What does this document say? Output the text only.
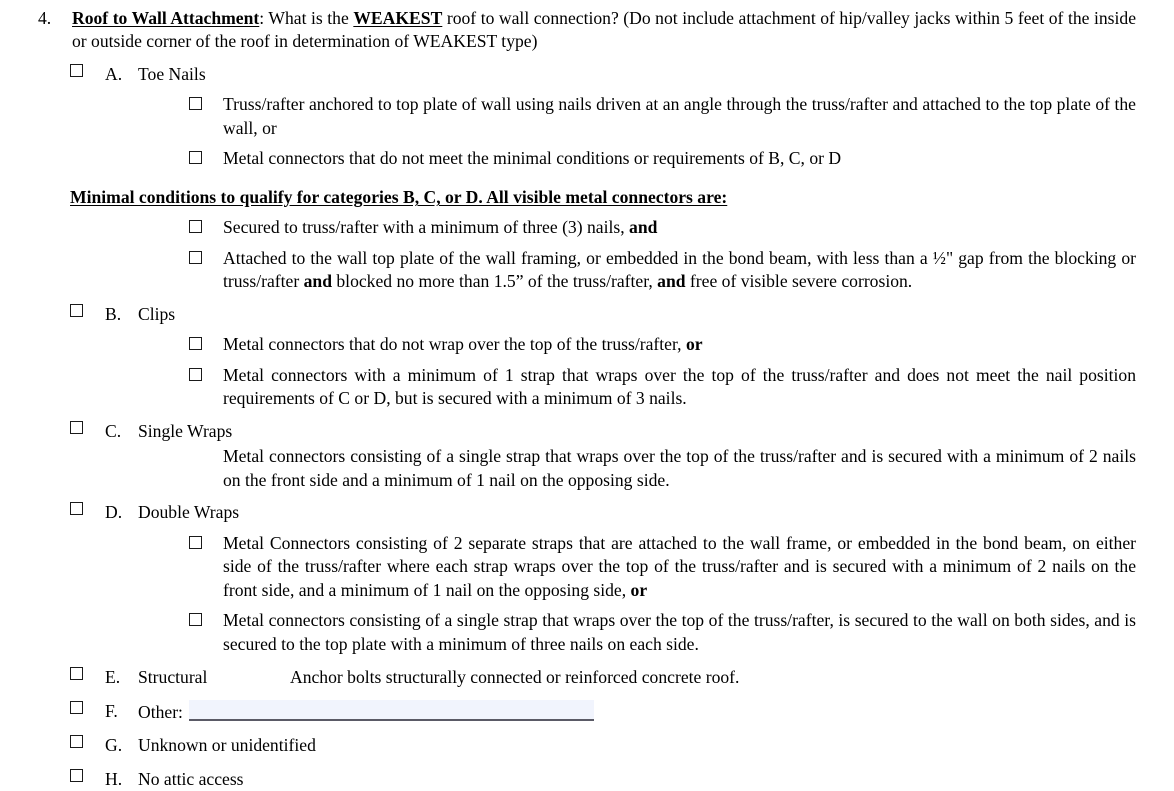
4. Roof to Wall Attachment: What is the WEAKEST roof to wall connection? (Do not include attachment of hip/valley jacks within 5 feet of the inside or outside corner of the roof in determination of WEAKEST type)
A. Toe Nails
Truss/rafter anchored to top plate of wall using nails driven at an angle through the truss/rafter and attached to the top plate of the wall, or
Metal connectors that do not meet the minimal conditions or requirements of B, C, or D
Minimal conditions to qualify for categories B, C, or D. All visible metal connectors are:
Secured to truss/rafter with a minimum of three (3) nails, and
Attached to the wall top plate of the wall framing, or embedded in the bond beam, with less than a ½" gap from the blocking or truss/rafter and blocked no more than 1.5” of the truss/rafter, and free of visible severe corrosion.
B. Clips
Metal connectors that do not wrap over the top of the truss/rafter, or
Metal connectors with a minimum of 1 strap that wraps over the top of the truss/rafter and does not meet the nail position requirements of C or D, but is secured with a minimum of 3 nails.
C. Single Wraps
Metal connectors consisting of a single strap that wraps over the top of the truss/rafter and is secured with a minimum of 2 nails on the front side and a minimum of 1 nail on the opposing side.
D. Double Wraps
Metal Connectors consisting of 2 separate straps that are attached to the wall frame, or embedded in the bond beam, on either side of the truss/rafter where each strap wraps over the top of the truss/rafter and is secured with a minimum of 2 nails on the front side, and a minimum of 1 nail on the opposing side, or
Metal connectors consisting of a single strap that wraps over the top of the truss/rafter, is secured to the wall on both sides, and is secured to the top plate with a minimum of three nails on each side.
E. Structural	Anchor bolts structurally connected or reinforced concrete roof.
F. Other:
G. Unknown or unidentified
H. No attic access
